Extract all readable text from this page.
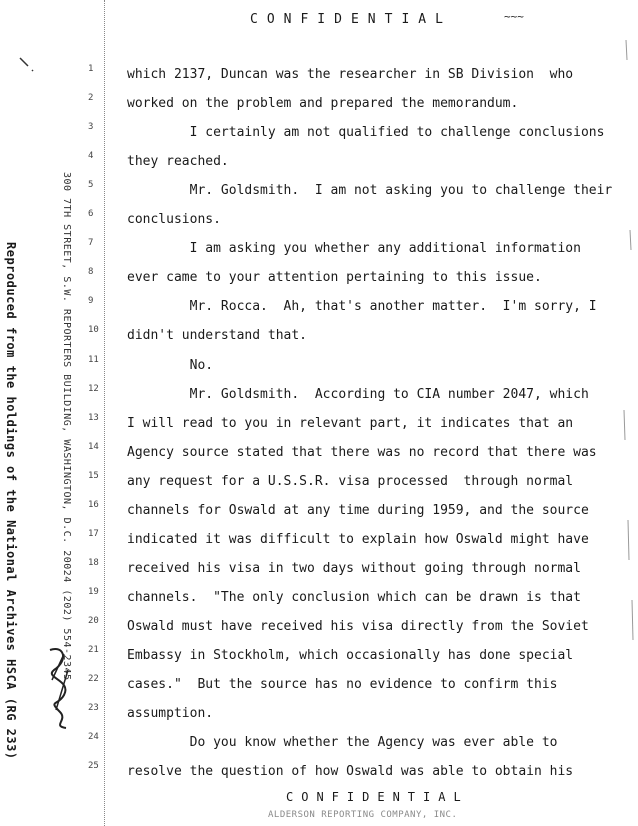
CONFIDENTIAL	~~~
Reproduced from the holdings of the National Archives HSCA (RG 233)	300 7TH STREET, S.W. REPORTERS BUILDING, WASHINGTON, D.C. 20024 (202) 554-2345
1
2
3
4
5
6
7
8
9
10
11
12
13
14
15
16
17
18
19
20
21
22
23
24
25
which 2137, Duncan was the researcher in SB Division  who
worked on the problem and prepared the memorandum.
I certainly am not qualified to challenge conclusions
they reached.
Mr. Goldsmith.  I am not asking you to challenge their
conclusions.
I am asking you whether any additional information
ever came to your attention pertaining to this issue.
Mr. Rocca.  Ah, that's another matter.  I'm sorry, I
didn't understand that.
No.
Mr. Goldsmith.  According to CIA number 2047, which
I will read to you in relevant part, it indicates that an
Agency source stated that there was no record that there was
any request for a U.S.S.R. visa processed  through normal
channels for Oswald at any time during 1959, and the source
indicated it was difficult to explain how Oswald might have
received his visa in two days without going through normal
channels.  "The only conclusion which can be drawn is that
Oswald must have received his visa directly from the Soviet
Embassy in Stockholm, which occasionally has done special
cases."  But the source has no evidence to confirm this
assumption.
Do you know whether the Agency was ever able to
resolve the question of how Oswald was able to obtain his
CONFIDENTIAL
ALDERSON REPORTING COMPANY, INC.
